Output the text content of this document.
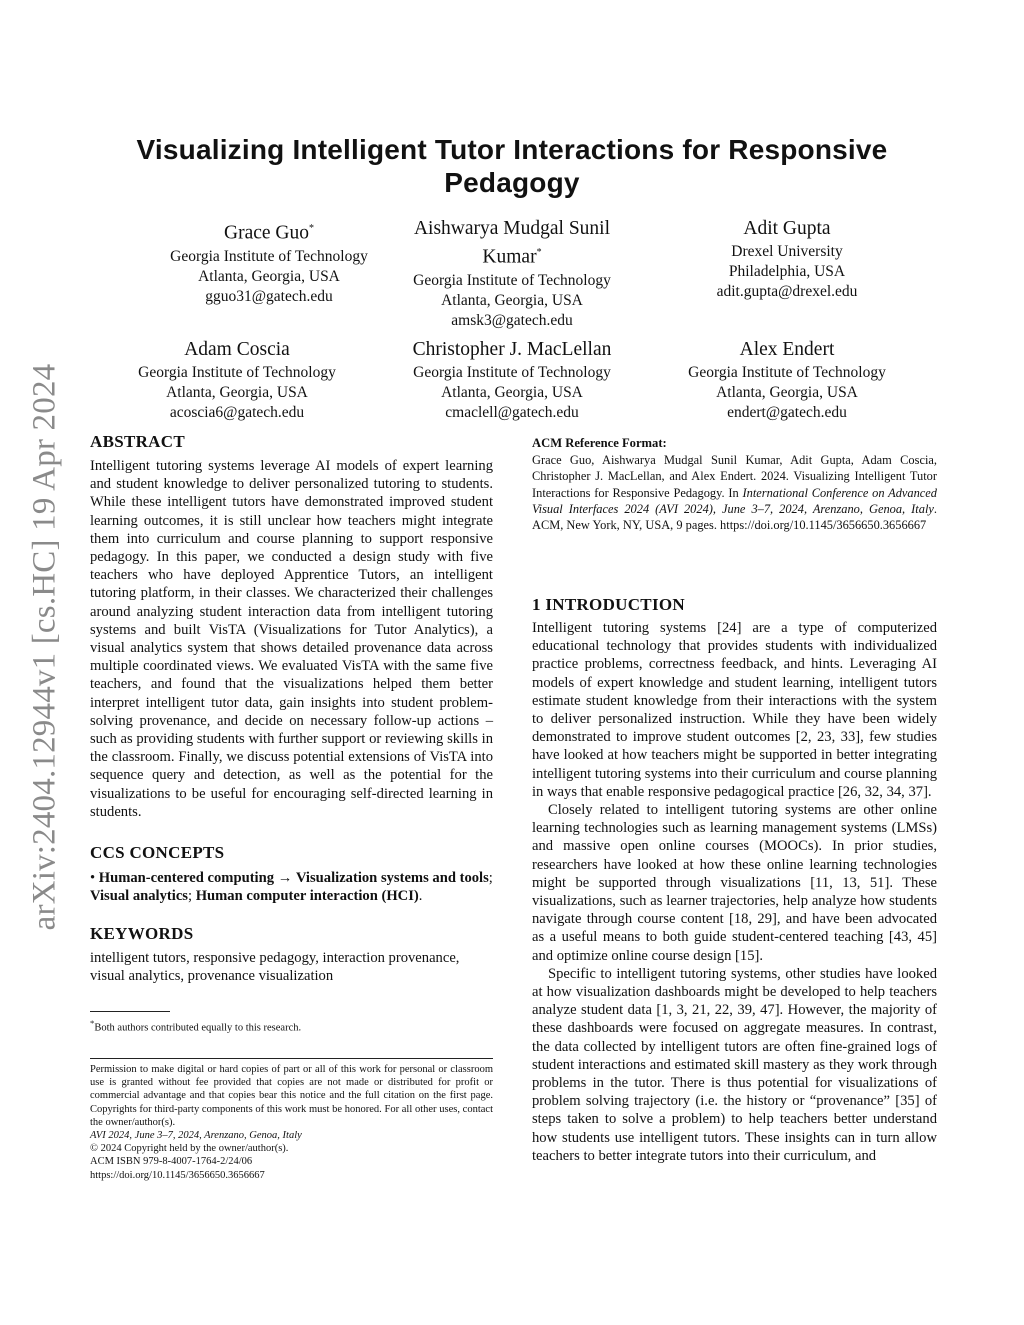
arXiv:2404.12944v1 [cs.HC] 19 Apr 2024
Visualizing Intelligent Tutor Interactions for Responsive Pedagogy
Grace Guo*
Georgia Institute of Technology
Atlanta, Georgia, USA
gguo31@gatech.edu
Aishwarya Mudgal Sunil Kumar*
Georgia Institute of Technology
Atlanta, Georgia, USA
amsk3@gatech.edu
Adit Gupta
Drexel University
Philadelphia, USA
adit.gupta@drexel.edu
Adam Coscia
Georgia Institute of Technology
Atlanta, Georgia, USA
acoscia6@gatech.edu
Christopher J. MacLellan
Georgia Institute of Technology
Atlanta, Georgia, USA
cmaclell@gatech.edu
Alex Endert
Georgia Institute of Technology
Atlanta, Georgia, USA
endert@gatech.edu
ABSTRACT

Intelligent tutoring systems leverage AI models of expert learning and student knowledge to deliver personalized tutoring to students. While these intelligent tutors have demonstrated improved student learning outcomes, it is still unclear how teachers might integrate them into curriculum and course planning to support responsive pedagogy. In this paper, we conducted a design study with five teachers who have deployed Apprentice Tutors, an intelligent tutoring platform, in their classes. We characterized their challenges around analyzing student interaction data from intelligent tutoring systems and built VisTA (Visualizations for Tutor Analytics), a visual analytics system that shows detailed provenance data across multiple coordinated views. We evaluated VisTA with the same five teachers, and found that the visualizations helped them better interpret intelligent tutor data, gain insights into student problem-solving provenance, and decide on necessary follow-up actions – such as providing students with further support or reviewing skills in the classroom. Finally, we discuss potential extensions of VisTA into sequence query and detection, as well as the potential for the visualizations to be useful for encouraging self-directed learning in students.

CCS CONCEPTS

• Human-centered computing → Visualization systems and tools; Visual analytics; Human computer interaction (HCI).

KEYWORDS

intelligent tutors, responsive pedagogy, interaction provenance, visual analytics, provenance visualization

*Both authors contributed equally to this research.

Permission to make digital or hard copies of part or all of this work for personal or classroom use is granted without fee provided that copies are not made or distributed for profit or commercial advantage and that copies bear this notice and the full citation on the first page. Copyrights for third-party components of this work must be honored. For all other uses, contact the owner/author(s).

AVI 2024, June 3–7, 2024, Arenzano, Genoa, Italy
© 2024 Copyright held by the owner/author(s).
ACM ISBN 979-8-4007-1764-2/24/06
https://doi.org/10.1145/3656650.3656667
ACM Reference Format:

Grace Guo, Aishwarya Mudgal Sunil Kumar, Adit Gupta, Adam Coscia, Christopher J. MacLellan, and Alex Endert. 2024. Visualizing Intelligent Tutor Interactions for Responsive Pedagogy. In International Conference on Advanced Visual Interfaces 2024 (AVI 2024), June 3–7, 2024, Arenzano, Genoa, Italy. ACM, New York, NY, USA, 9 pages. https://doi.org/10.1145/3656650.3656667

1 INTRODUCTION

Intelligent tutoring systems [24] are a type of computerized educational technology that provides students with individualized practice problems, correctness feedback, and hints. Leveraging AI models of expert knowledge and student learning, intelligent tutors estimate student knowledge from their interactions with the system to deliver personalized instruction. While they have been widely demonstrated to improve student outcomes [2, 23, 33], few studies have looked at how teachers might be supported in better integrating intelligent tutoring systems into their curriculum and course planning in ways that enable responsive pedagogical practice [26, 32, 34, 37].

Closely related to intelligent tutoring systems are other online learning technologies such as learning management systems (LMSs) and massive open online courses (MOOCs). In prior studies, researchers have looked at how these online learning technologies might be supported through visualizations [11, 13, 51]. These visualizations, such as learner trajectories, help analyze how students navigate through course content [18, 29], and have been advocated as a useful means to both guide student-centered teaching [43, 45] and optimize online course design [15].

Specific to intelligent tutoring systems, other studies have looked at how visualization dashboards might be developed to help teachers analyze student data [1, 3, 21, 22, 39, 47]. However, the majority of these dashboards were focused on aggregate measures. In contrast, the data collected by intelligent tutors are often fine-grained logs of student interactions and estimated skill mastery as they work through problems in the tutor. There is thus potential for visualizations of problem solving trajectory (i.e. the history or “provenance” [35] of steps taken to solve a problem) to help teachers better understand how students use intelligent tutors. These insights can in turn allow teachers to better integrate tutors into their curriculum, and
